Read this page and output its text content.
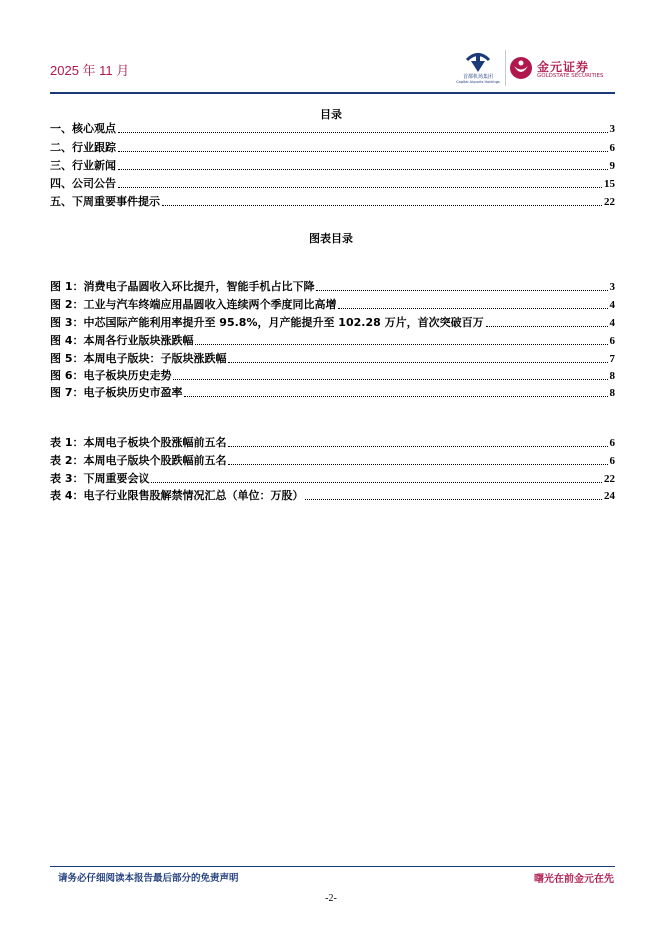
2025 年 11 月	首都机场集团
Capital Airports Holdings
金元证券
GOLDSTATE SECURITIES
目录
一、核心观点	3
二、行业跟踪	6
三、行业新闻	9
四、公司公告	15
五、下周重要事件提示	22
图表目录
图 1：消费电子晶圆收入环比提升，智能手机占比下降	3
图 2：工业与汽车终端应用晶圆收入连续两个季度同比高增	4
图 3：中芯国际产能利用率提升至 95.8%，月产能提升至 102.28 万片，首次突破百万	4
图 4：本周各行业版块涨跌幅	6
图 5：本周电子版块：子版块涨跌幅	7
图 6：电子板块历史走势	8
图 7：电子板块历史市盈率	8
表 1：本周电子板块个股涨幅前五名	6
表 2：本周电子版块个股跌幅前五名	6
表 3：下周重要会议	22
表 4：电子行业限售股解禁情况汇总（单位：万股）	24
请务必仔细阅读本报告最后部分的免责声明	曙光在前金元在先
-2-
